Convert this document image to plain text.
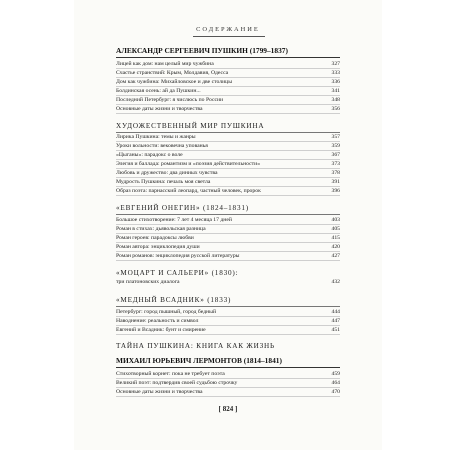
СОДЕРЖАНИЕ
АЛЕКСАНДР СЕРГЕЕВИЧ ПУШКИН (1799–1837)
Лицей как дом: нам целый мир чужбина	327
Счастье странствий: Крым, Молдавия, Одесса	333
Дом как чужбина: Михайловское и две столицы	336
Болдинская осень: ай да Пушкин...	341
Последний Петербург: я числюсь по России	348
Основные даты жизни и творчества	356
ХУДОЖЕСТВЕННЫЙ МИР ПУШКИНА
Лирика Пушкина: темы и жанры	357
Уроки вольности: вековечна упованья	359
«Цыганы»: парадокс о воле	367
Элегия и баллада: романтизм и «поэзия действительности»	373
Любовь и дружество: два диниых чувства	378
Мудрость Пушкина: печаль моя светла	391
Образ поэта: парнасский леопард, частный человек, пророк	396
«ЕВГЕНИЙ ОНЕГИН» (1824–1831)
Большое стихотворение: 7 лет 4 месяца 17 дней	403
Роман в стихах: дьявольская разница	405
Роман героев: парадоксы любви	415
Роман автора: энциклопедия души	420
Роман романов: энциклопедия русской литературы	427
«МОЦАРТ И САЛЬЕРИ» (1830):
три платоновских диалога	432
«МЕДНЫЙ ВСАДНИК» (1833)
Петербург: город пышный, город бедный	444
Наводнение: реальность и символ	447
Евгений и Всадник: бунт и смирение	451
ТАЙНА ПУШКИНА: КНИГА КАК ЖИЗНЬ
МИХАИЛ ЮРЬЕВИЧ ЛЕРМОНТОВ (1814–1841)
Стихотворный корнет: пока не требует поэта	459
Великий поэт: подтвердив своей судьбою строчку	464
Основные даты жизни и творчества	470
[ 824 ]
